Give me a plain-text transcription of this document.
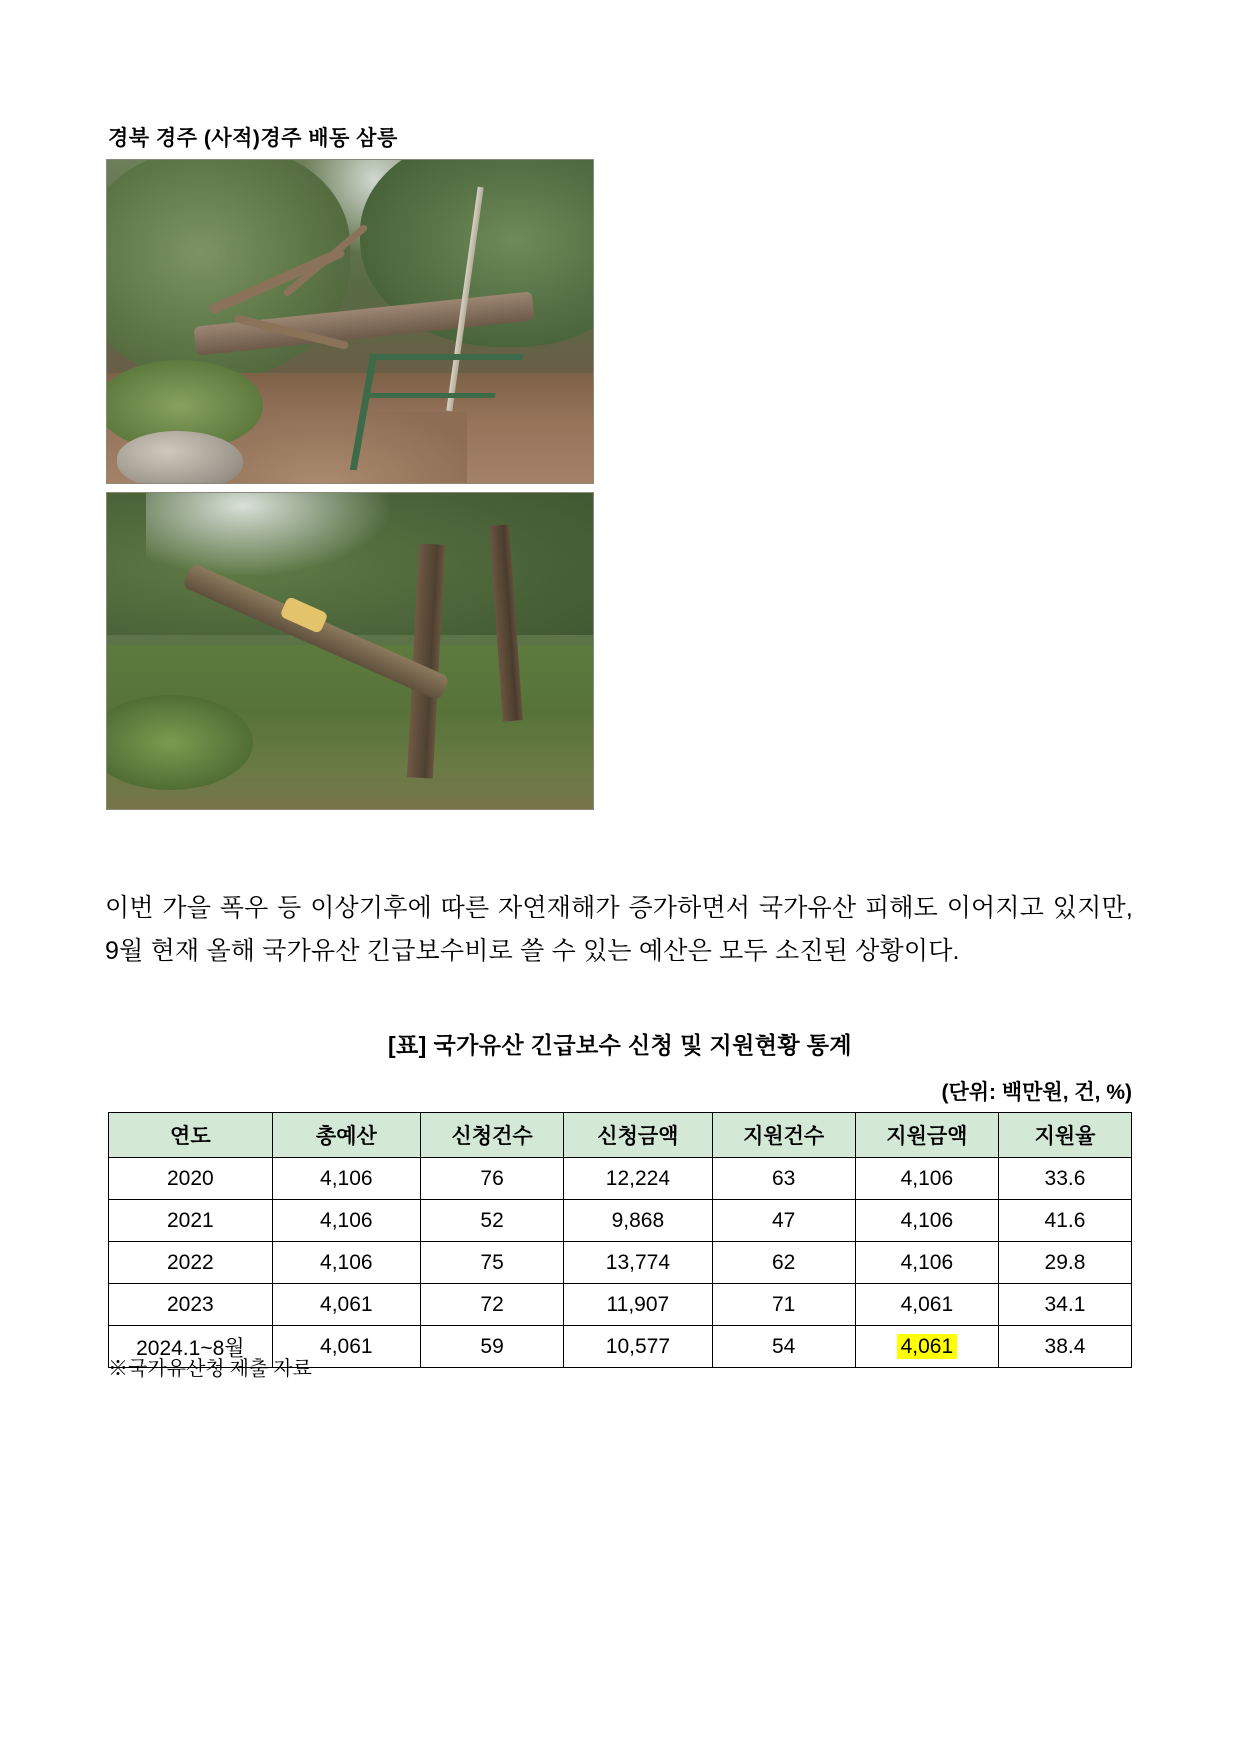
경북 경주 (사적)경주 배동 삼릉

이번 가을 폭우 등 이상기후에 따른 자연재해가 증가하면서 국가유산 피해도 이어지고 있지만, 9월 현재 올해 국가유산 긴급보수비로 쓸 수 있는 예산은 모두 소진된 상황이다.

[표] 국가유산 긴급보수 신청 및 지원현황 통계
(단위: 백만원, 건, %)
연도	총예산	신청건수	신청금액	지원건수	지원금액	지원율
2020	4,106	76	12,224	63	4,106	33.6
2021	4,106	52	9,868	47	4,106	41.6
2022	4,106	75	13,774	62	4,106	29.8
2023	4,061	72	11,907	71	4,061	34.1
2024.1~8월	4,061	59	10,577	54	4,061	38.4
※국가유산청 제출 자료
